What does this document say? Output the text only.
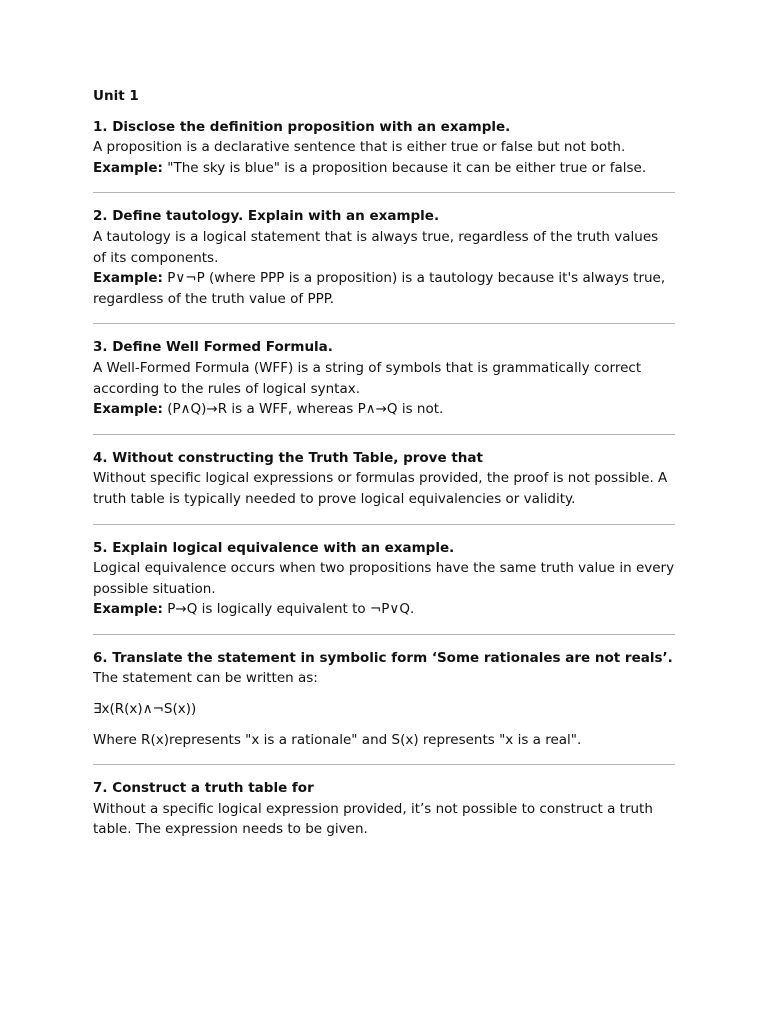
Unit 1

1. Disclose the definition proposition with an example.

A proposition is a declarative sentence that is either true or false but not both.

Example: "The sky is blue" is a proposition because it can be either true or false.

2. Define tautology. Explain with an example.

A tautology is a logical statement that is always true, regardless of the truth values of its components.

Example: P∨¬P (where PPP is a proposition) is a tautology because it's always true, regardless of the truth value of PPP.

3. Define Well Formed Formula.

A Well-Formed Formula (WFF) is a string of symbols that is grammatically correct according to the rules of logical syntax.

Example: (P∧Q)→R is a WFF, whereas P∧→Q is not.

4. Without constructing the Truth Table, prove that

Without specific logical expressions or formulas provided, the proof is not possible. A truth table is typically needed to prove logical equivalencies or validity.

5. Explain logical equivalence with an example.

Logical equivalence occurs when two propositions have the same truth value in every possible situation.

Example: P→Q is logically equivalent to ¬P∨Q.

6. Translate the statement in symbolic form ‘Some rationales are not reals’.

The statement can be written as:

∃x(R(x)∧¬S(x))

Where R(x)represents "x is a rationale" and S(x) represents "x is a real".

7. Construct a truth table for

Without a specific logical expression provided, it’s not possible to construct a truth table. The expression needs to be given.
